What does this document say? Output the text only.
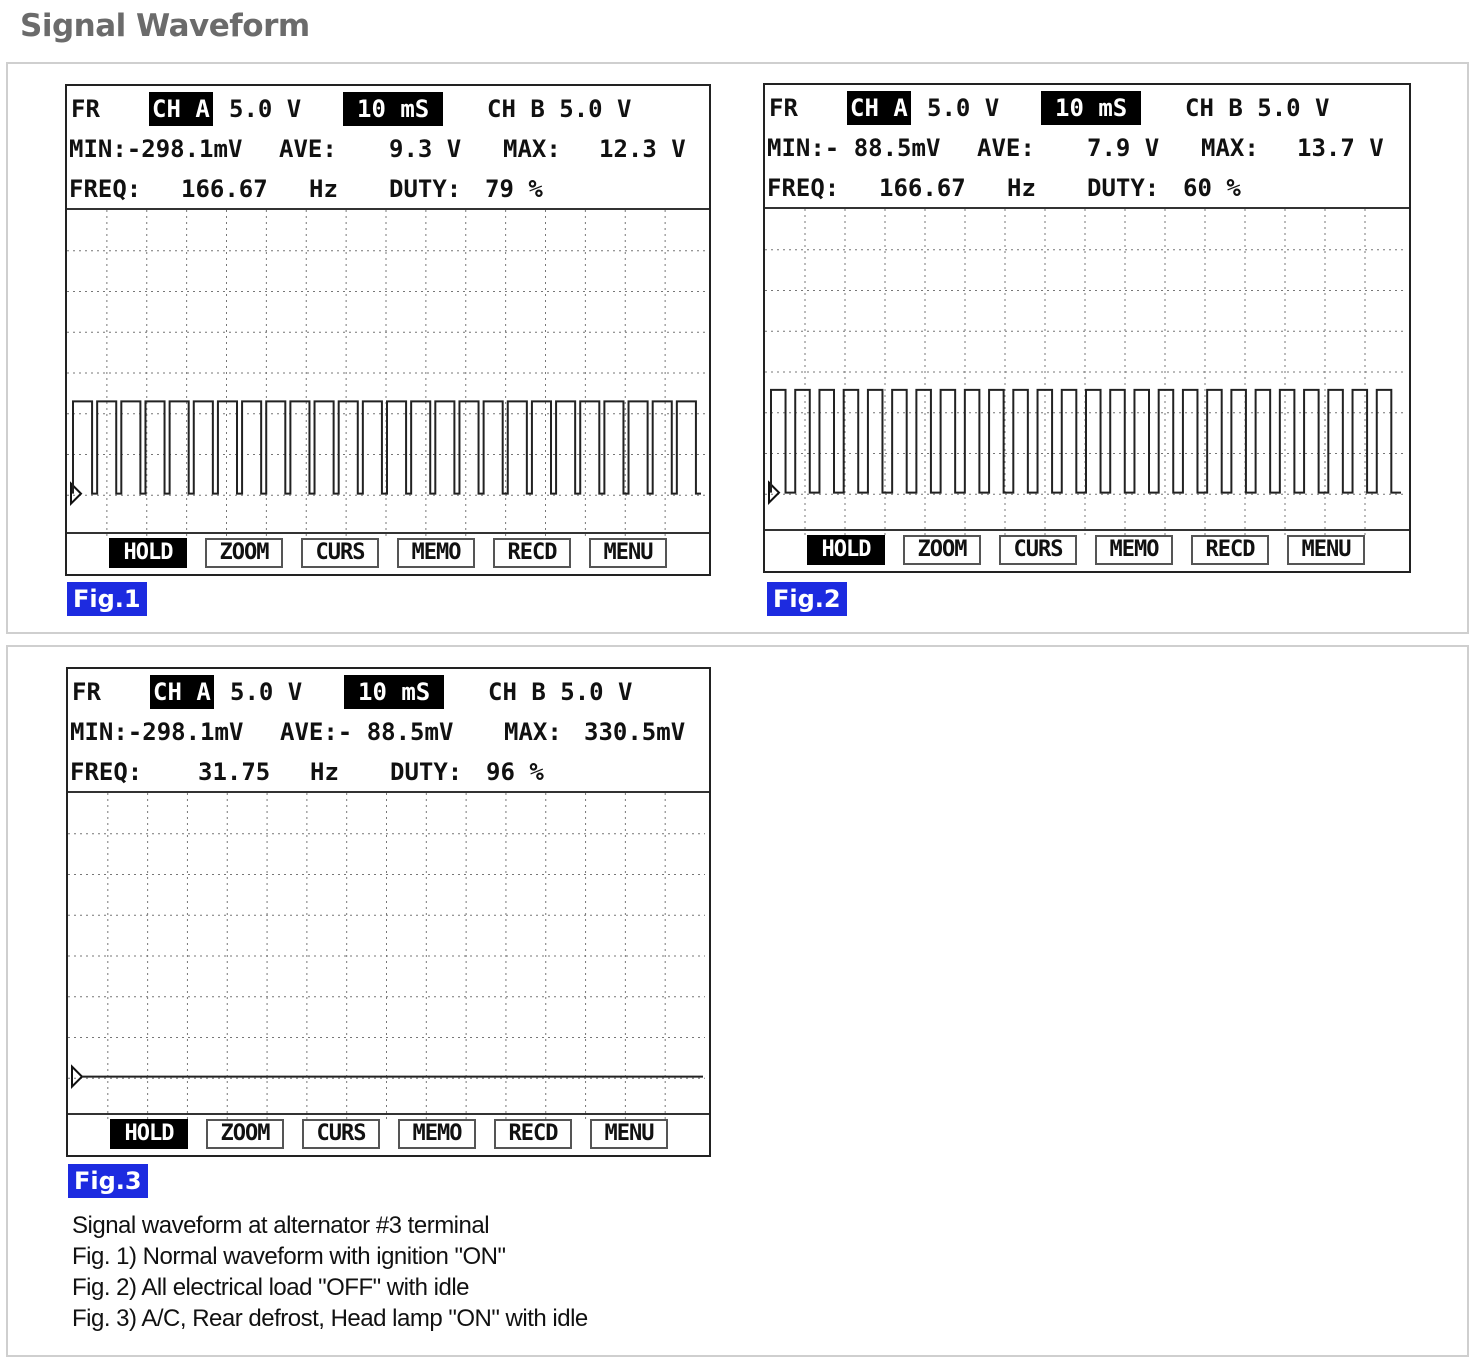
Signal Waveform
FR CH A 5.0 V	10 mS	CH B 5.0 V
MIN:-298.1mV AVE: 9.3 V MAX: 12.3 V
FREQ: 166.67 Hz DUTY: 79 %
HOLD	ZOOM	CURS	MEMO	RECD	MENU
Fig.1
FR CH A 5.0 V	10 mS	CH B 5.0 V
MIN:- 88.5mV AVE: 7.9 V MAX: 13.7 V
FREQ: 166.67 Hz DUTY: 60 %
HOLD	ZOOM	CURS	MEMO	RECD	MENU
Fig.2
FR CH A 5.0 V	10 mS	CH B 5.0 V
MIN:-298.1mV AVE:- 88.5mV MAX: 330.5mV
FREQ: 31.75 Hz DUTY: 96 %
HOLD	ZOOM	CURS	MEMO	RECD	MENU
Fig.3
Signal waveform at alternator #3 terminal
Fig. 1) Normal waveform with ignition "ON"
Fig. 2) All electrical load "OFF" with idle
Fig. 3) A/C, Rear defrost, Head lamp "ON" with idle
